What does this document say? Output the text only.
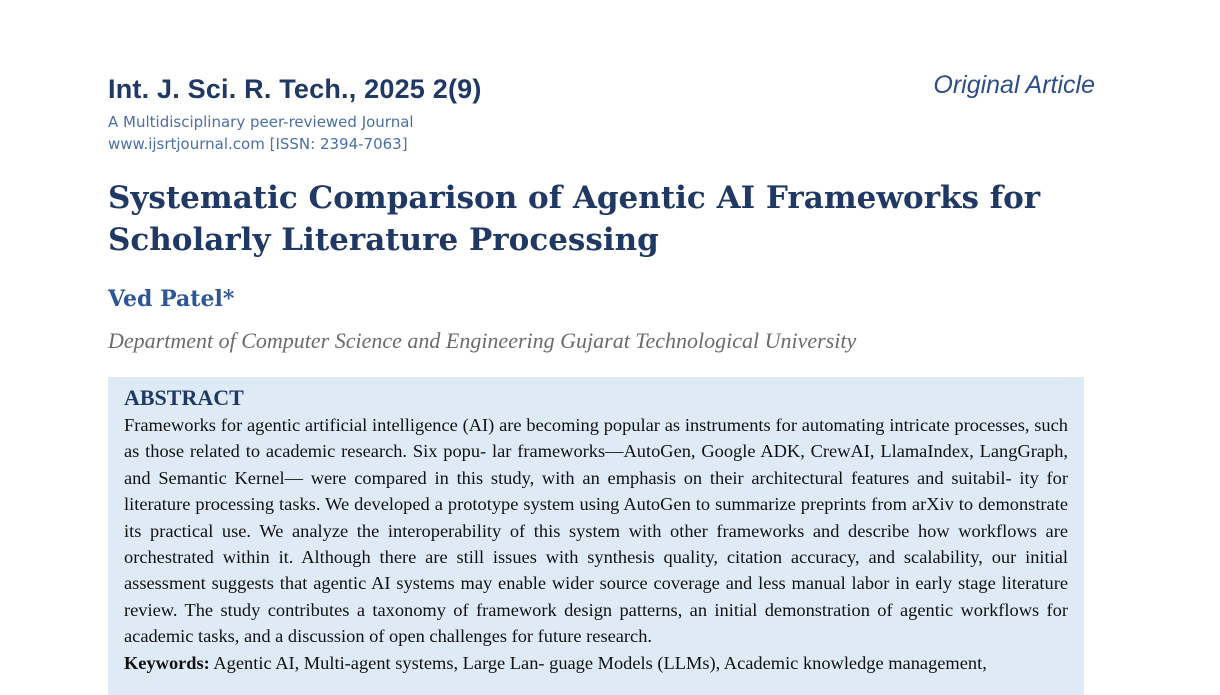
Int. J. Sci. R. Tech., 2025 2(9)
A Multidisciplinary peer-reviewed Journal
www.ijsrtjournal.com [ISSN: 2394-7063]
Original Article
Systematic Comparison of Agentic AI Frameworks for Scholarly Literature Processing
Ved Patel*
Department of Computer Science and Engineering Gujarat Technological University

ABSTRACT

Frameworks for agentic artificial intelligence (AI) are becoming popular as instruments for automating intricate processes, such as those related to academic research. Six popu- lar frameworks—AutoGen, Google ADK, CrewAI, LlamaIndex, LangGraph, and Semantic Kernel— were compared in this study, with an emphasis on their architectural features and suitabil- ity for literature processing tasks. We developed a prototype system using AutoGen to summarize preprints from arXiv to demonstrate its practical use. We analyze the interoperability of this system with other frameworks and describe how workflows are orchestrated within it. Although there are still issues with synthesis quality, citation accuracy, and scalability, our initial assessment suggests that agentic AI systems may enable wider source coverage and less manual labor in early stage literature review. The study contributes a taxonomy of framework design patterns, an initial demonstration of agentic workflows for academic tasks, and a discussion of open challenges for future research.

Keywords: Agentic AI, Multi-agent systems, Large Lan- guage Models (LLMs), Academic knowledge management,
